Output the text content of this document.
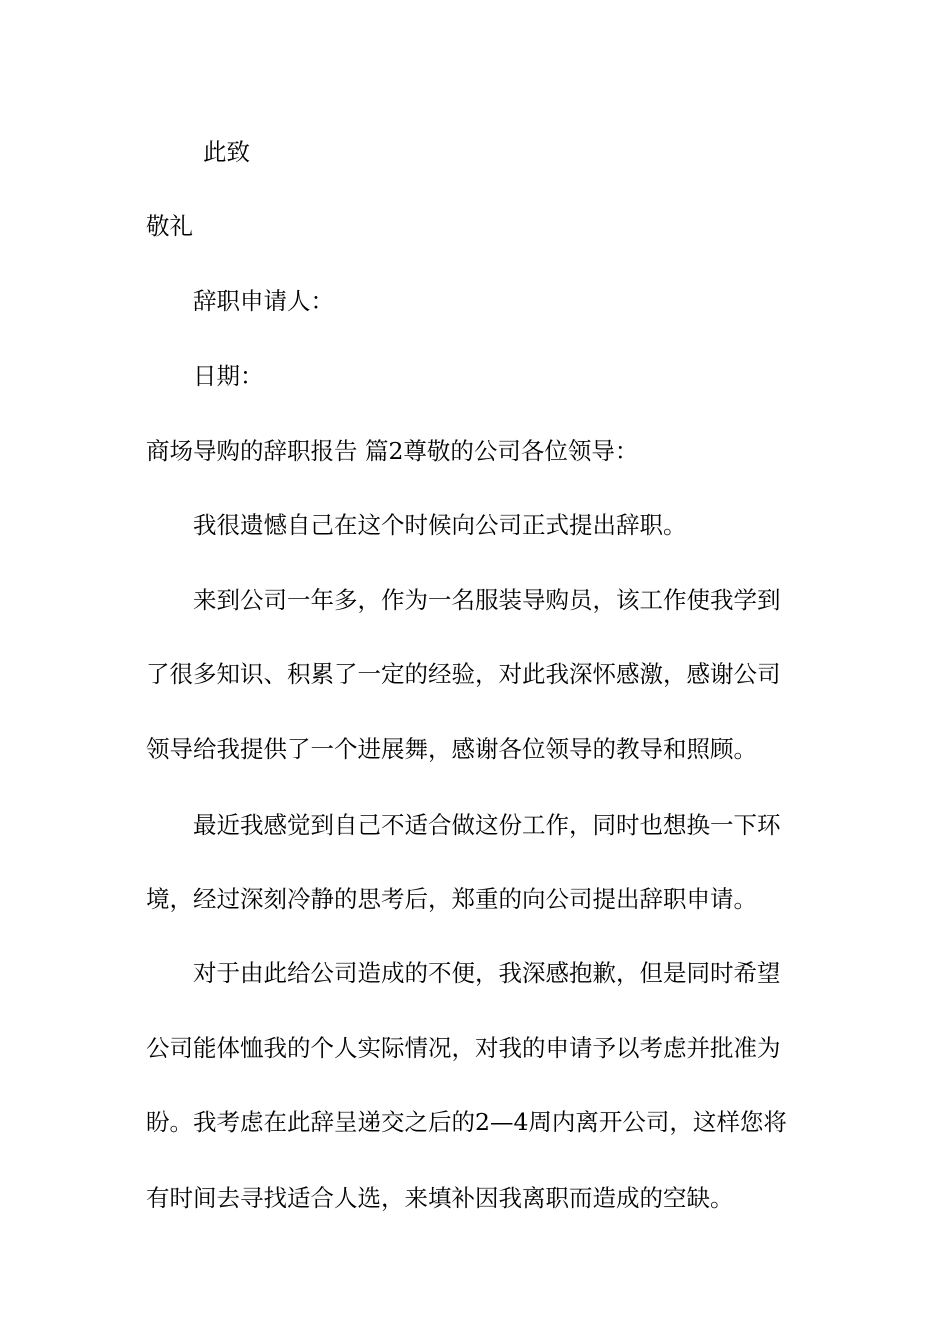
此致
敬礼
辞职申请人：
日期：
商场导购的辞职报告 篇2尊敬的公司各位领导：
我很遗憾自己在这个时候向公司正式提出辞职。
来到公司一年多，作为一名服装导购员，该工作使我学到
了很多知识、积累了一定的经验，对此我深怀感激，感谢公司
领导给我提供了一个进展舞，感谢各位领导的教导和照顾。
最近我感觉到自己不适合做这份工作，同时也想换一下环
境，经过深刻冷静的思考后，郑重的向公司提出辞职申请。
对于由此给公司造成的不便，我深感抱歉，但是同时希望
公司能体恤我的个人实际情况，对我的申请予以考虑并批准为
盼。我考虑在此辞呈递交之后的2—4周内离开公司，这样您将
有时间去寻找适合人选，来填补因我离职而造成的空缺。
